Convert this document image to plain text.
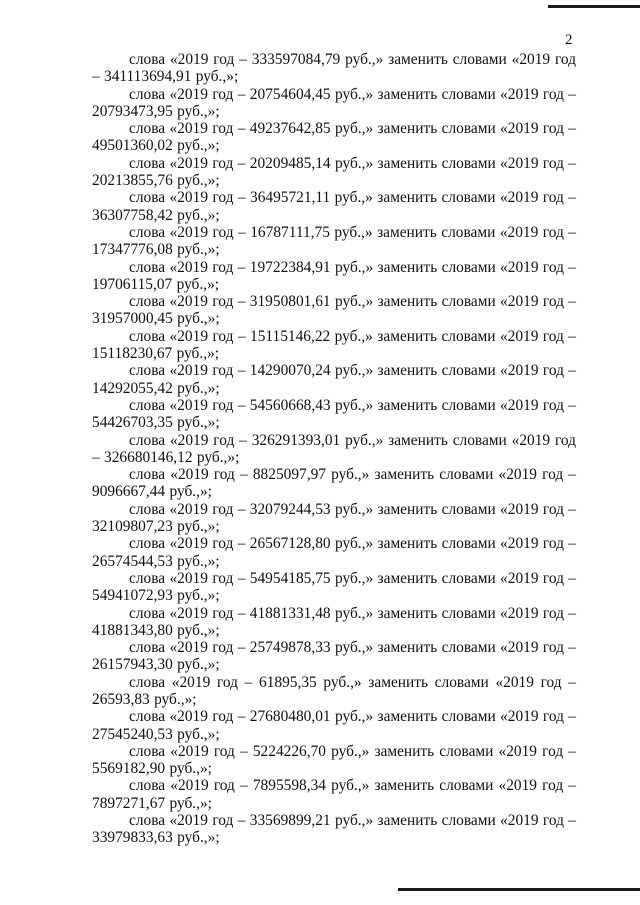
2

слова «2019 год – 333597084,79 руб.,» заменить словами «2019 год – 341113694,91 руб.,»;

слова «2019 год – 20754604,45 руб.,» заменить словами «2019 год – 20793473,95 руб.,»;

слова «2019 год – 49237642,85 руб.,» заменить словами «2019 год – 49501360,02 руб.,»;

слова «2019 год – 20209485,14 руб.,» заменить словами «2019 год – 20213855,76 руб.,»;

слова «2019 год – 36495721,11 руб.,» заменить словами «2019 год – 36307758,42 руб.,»;

слова «2019 год – 16787111,75 руб.,» заменить словами «2019 год – 17347776,08 руб.,»;

слова «2019 год – 19722384,91 руб.,» заменить словами «2019 год – 19706115,07 руб.,»;

слова «2019 год – 31950801,61 руб.,» заменить словами «2019 год – 31957000,45 руб.,»;

слова «2019 год – 15115146,22 руб.,» заменить словами «2019 год – 15118230,67 руб.,»;

слова «2019 год – 14290070,24 руб.,» заменить словами «2019 год – 14292055,42 руб.,»;

слова «2019 год – 54560668,43 руб.,» заменить словами «2019 год – 54426703,35 руб.,»;

слова «2019 год – 326291393,01 руб.,» заменить словами «2019 год – 326680146,12 руб.,»;

слова «2019 год – 8825097,97 руб.,» заменить словами «2019 год – 9096667,44 руб.,»;

слова «2019 год – 32079244,53 руб.,» заменить словами «2019 год – 32109807,23 руб.,»;

слова «2019 год – 26567128,80 руб.,» заменить словами «2019 год – 26574544,53 руб.,»;

слова «2019 год – 54954185,75 руб.,» заменить словами «2019 год – 54941072,93 руб.,»;

слова «2019 год – 41881331,48 руб.,» заменить словами «2019 год – 41881343,80 руб.,»;

слова «2019 год – 25749878,33 руб.,» заменить словами «2019 год – 26157943,30 руб.,»;

слова «2019 год – 61895,35 руб.,» заменить словами «2019 год – 26593,83 руб.,»;

слова «2019 год – 27680480,01 руб.,» заменить словами «2019 год – 27545240,53 руб.,»;

слова «2019 год – 5224226,70 руб.,» заменить словами «2019 год – 5569182,90 руб.,»;

слова «2019 год – 7895598,34 руб.,» заменить словами «2019 год – 7897271,67 руб.,»;

слова «2019 год – 33569899,21 руб.,» заменить словами «2019 год – 33979833,63 руб.,»;
